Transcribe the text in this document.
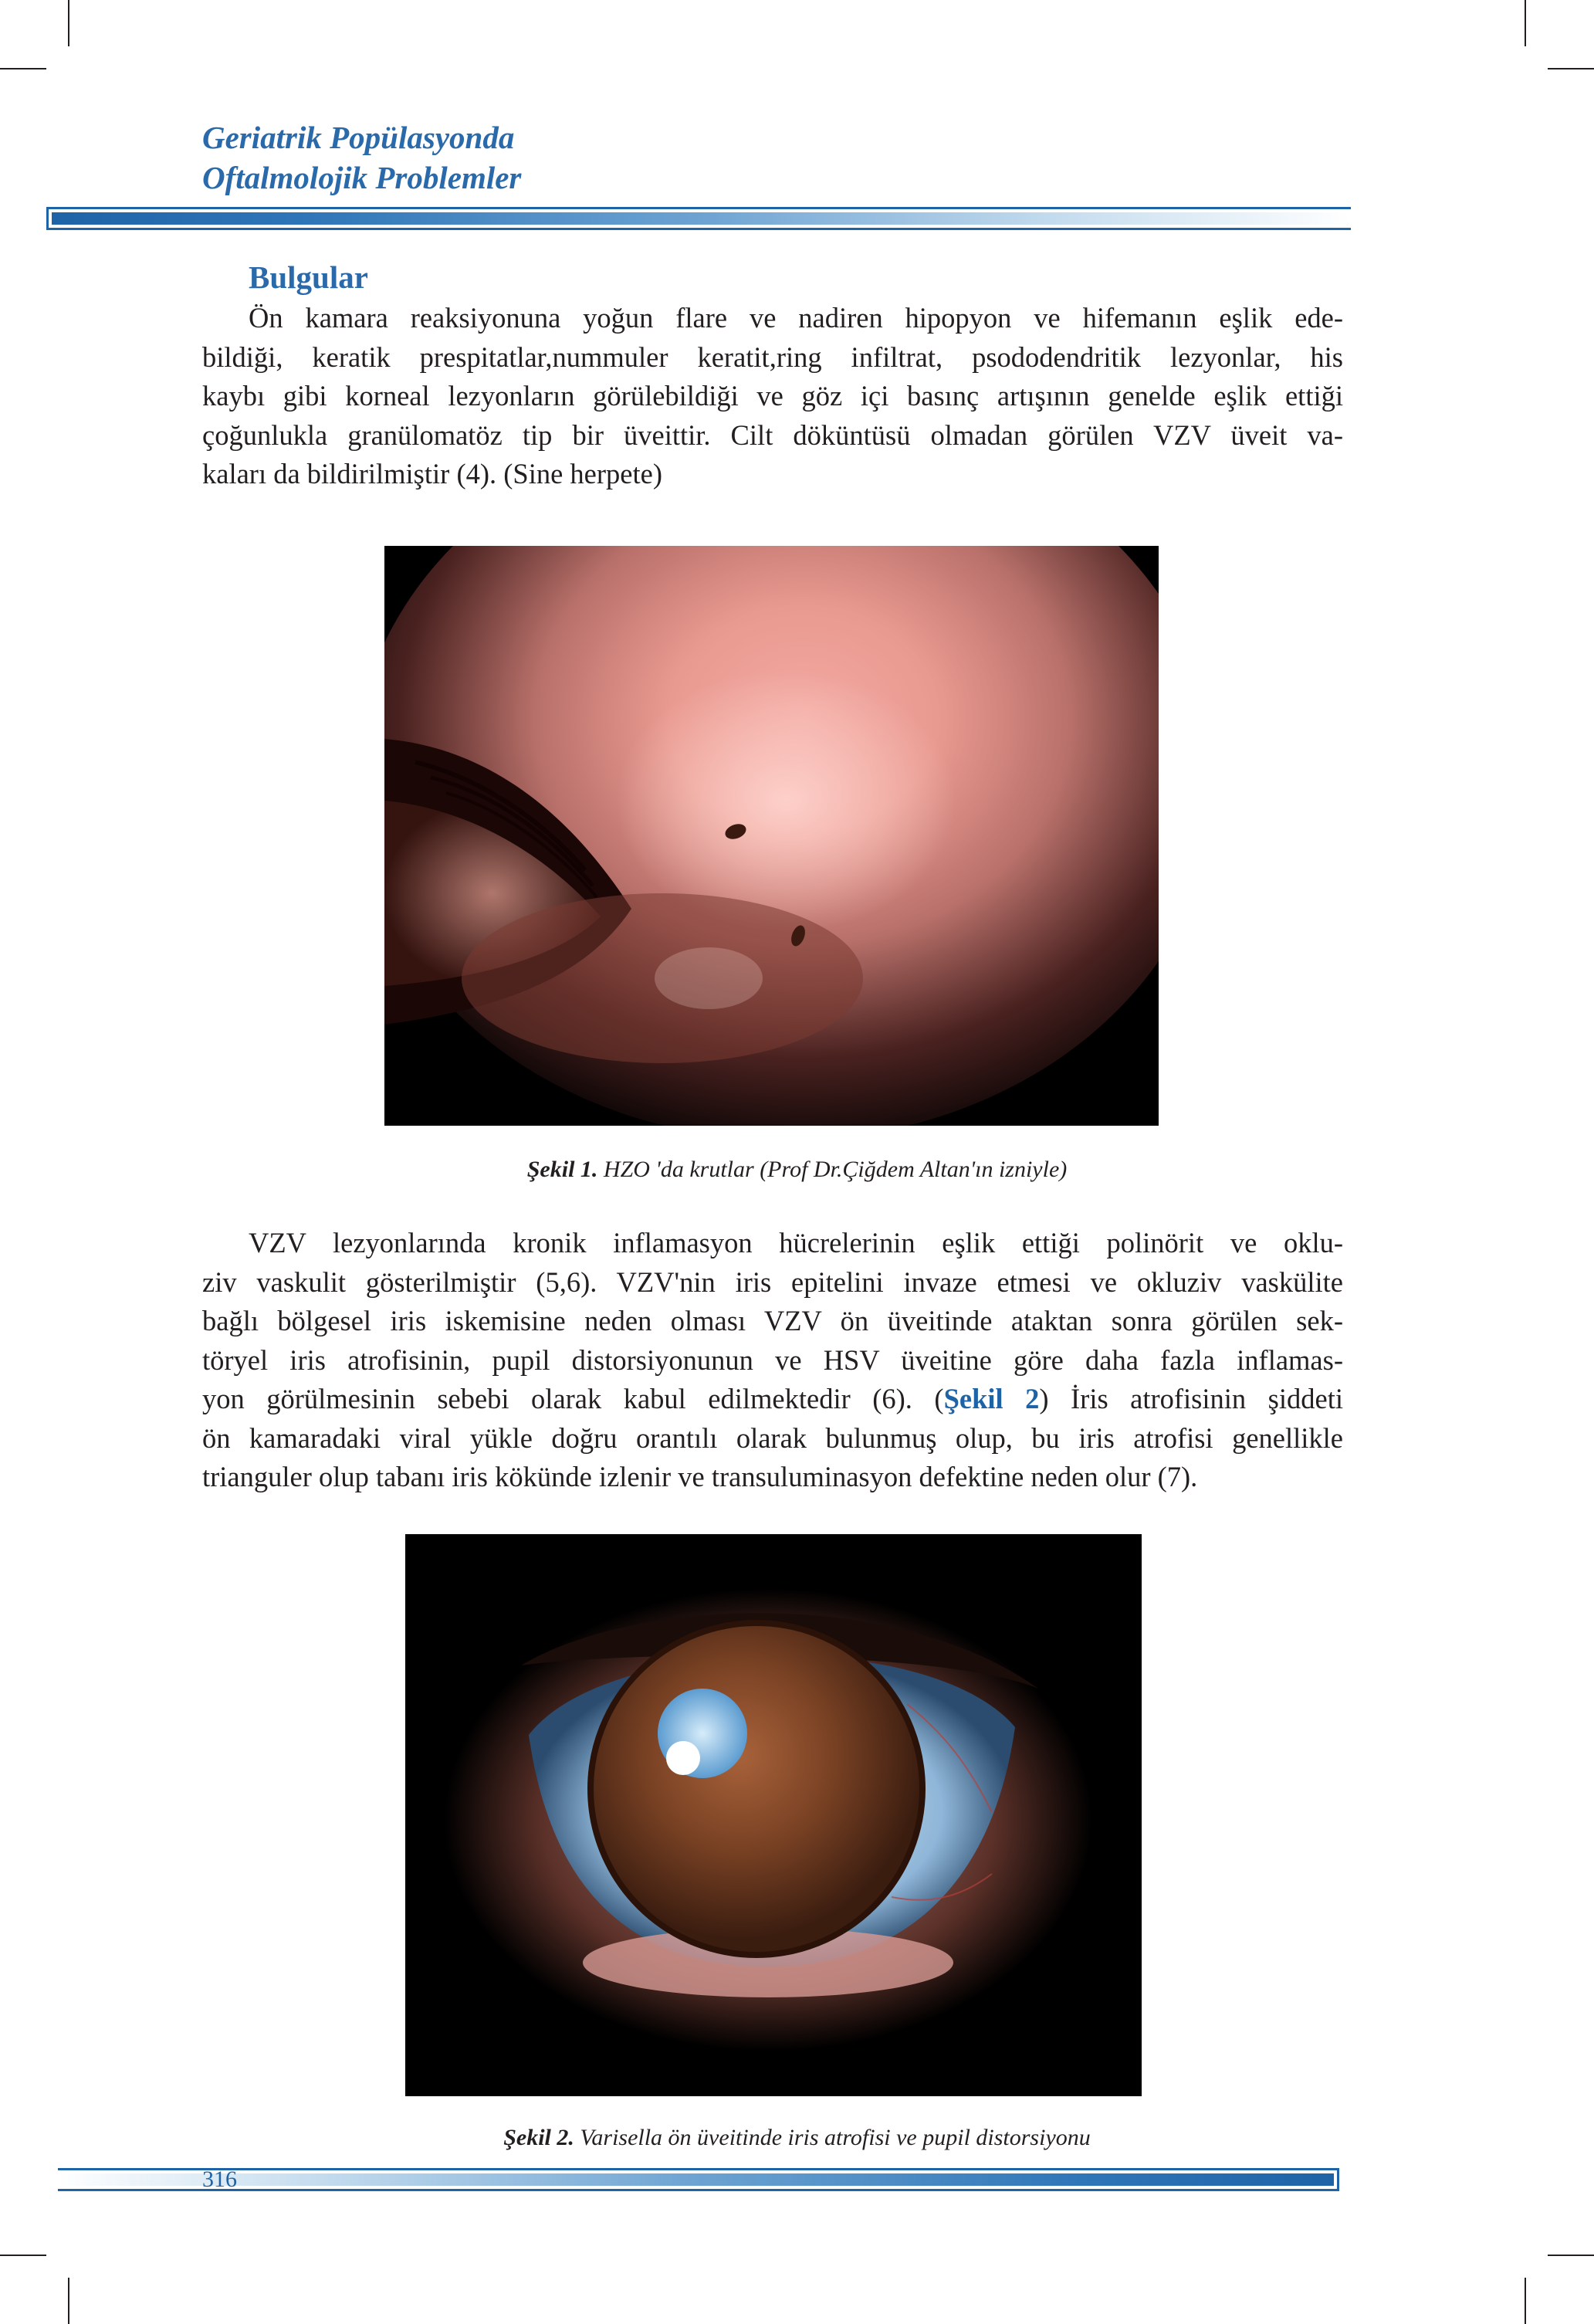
Geriatrik Popülasyonda
Oftalmolojik Problemler
Bulgular
Ön kamara reaksiyonuna yoğun flare ve nadiren hipopyon ve hifemanın eşlik ede-
bildiği, keratik prespitatlar,nummuler keratit,ring infiltrat, psododendritik lezyonlar, his
kaybı gibi korneal lezyonların görülebildiği ve göz içi basınç artışının genelde eşlik ettiği
çoğunlukla granülomatöz tip bir üveittir. Cilt döküntüsü olmadan görülen VZV üveit va-
kaları da bildirilmiştir (4). (Sine herpete)
Şekil 1. HZO 'da krutlar (Prof Dr.Çiğdem Altan'ın izniyle)
VZV lezyonlarında kronik inflamasyon hücrelerinin eşlik ettiği polinörit ve oklu-
ziv vaskulit gösterilmiştir (5,6). VZV'nin iris epitelini invaze etmesi ve okluziv vaskülite
bağlı bölgesel iris iskemisine neden olması VZV ön üveitinde ataktan sonra görülen sek-
töryel iris atrofisinin, pupil distorsiyonunun ve HSV üveitine göre daha fazla inflamas-
yon görülmesinin sebebi olarak kabul edilmektedir (6). (Şekil 2) İris atrofisinin şiddeti
ön kamaradaki viral yükle doğru orantılı olarak bulunmuş olup, bu iris atrofisi genellikle
trianguler olup tabanı iris kökünde izlenir ve transuluminasyon defektine neden olur (7).
Şekil 2. Varisella ön üveitinde iris atrofisi ve pupil distorsiyonu
316
